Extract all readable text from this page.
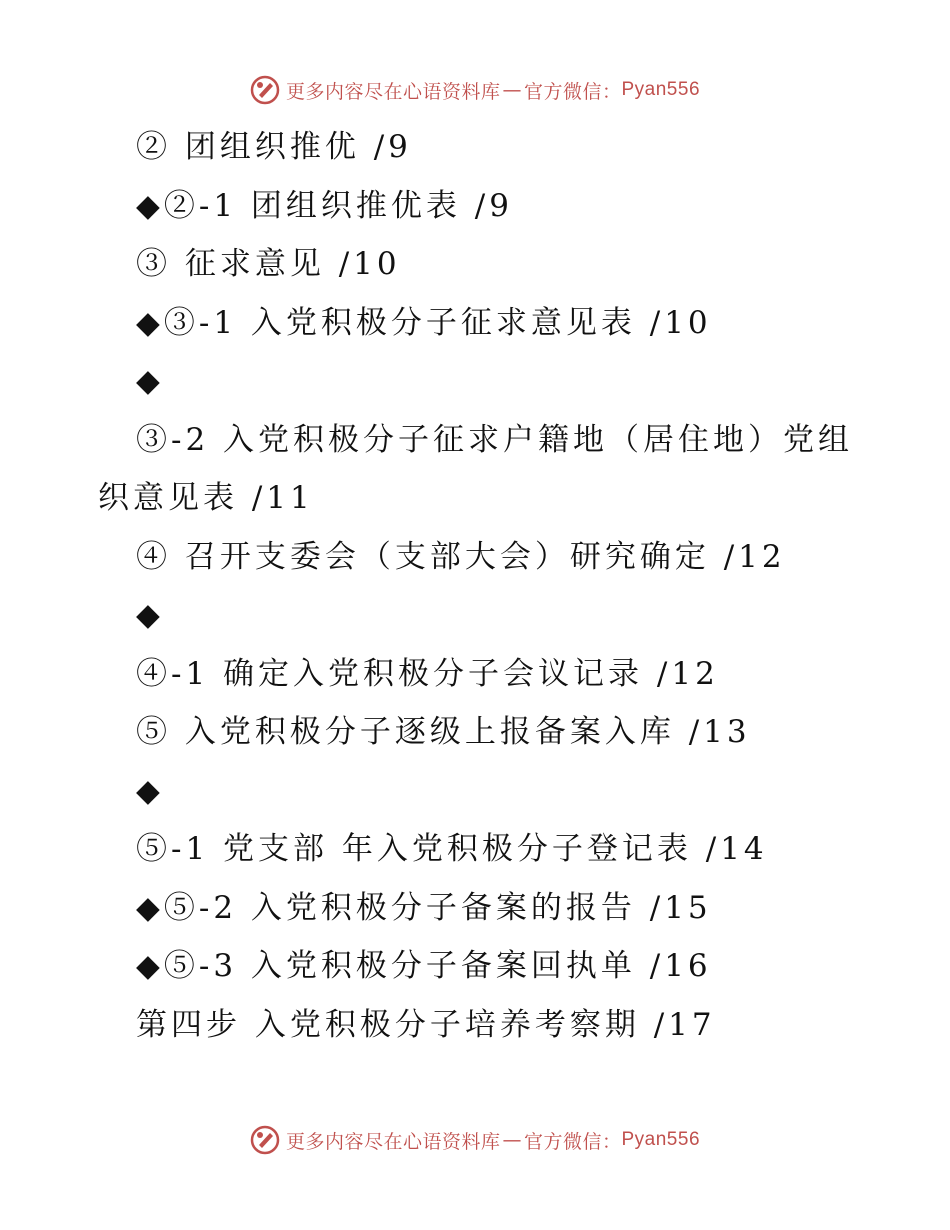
更多内容尽在心语资料库 — 官方微信： Pyan556
② 团组织推优 /9
◆②-1 团组织推优表 /9
③ 征求意见 /10
◆③-1 入党积极分子征求意见表 /10
◆
③-2 入党积极分子征求户籍地（居住地）党组
织意见表 /11
④ 召开支委会（支部大会）研究确定 /12
◆
④-1 确定入党积极分子会议记录 /12
⑤ 入党积极分子逐级上报备案入库 /13
◆
⑤-1 党支部 年入党积极分子登记表 /14
◆⑤-2 入党积极分子备案的报告 /15
◆⑤-3 入党积极分子备案回执单 /16
第四步 入党积极分子培养考察期 /17
更多内容尽在心语资料库 — 官方微信： Pyan556
